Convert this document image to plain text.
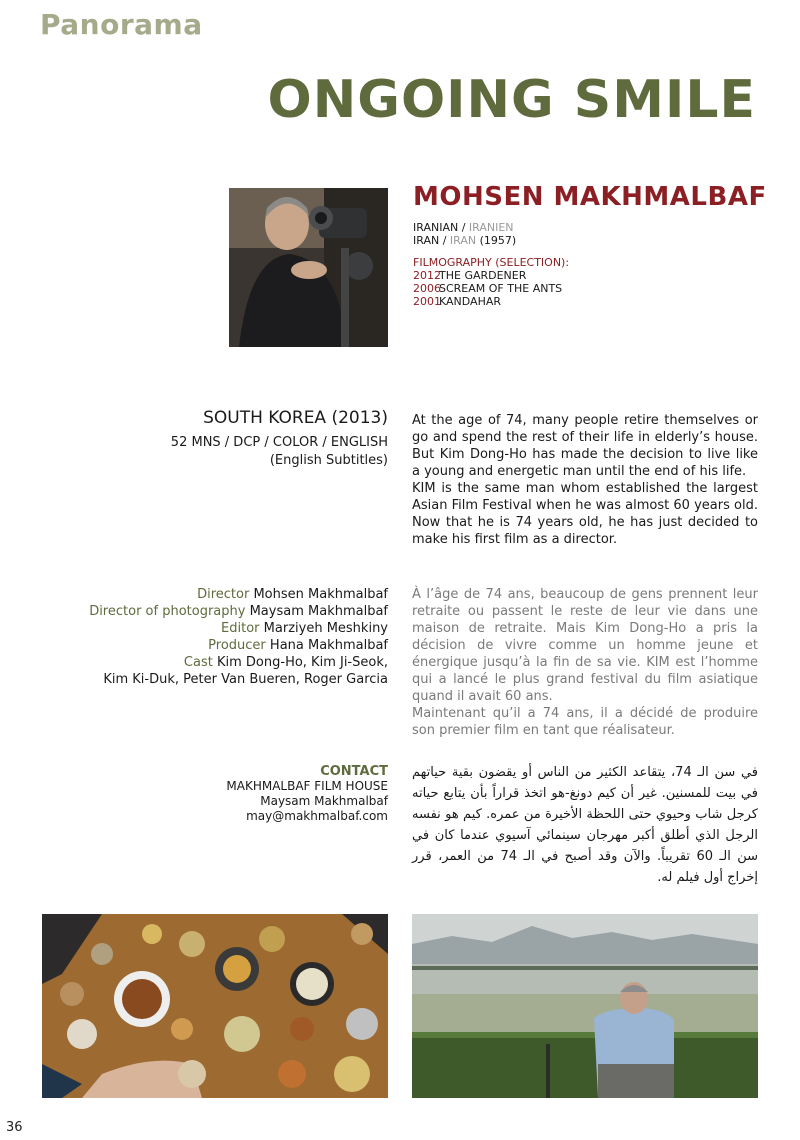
Panorama
ONGOING SMILE
MOHSEN MAKHMALBAF
IRANIAN / IRANIEN
IRAN / IRAN (1957)
FILMOGRAPHY (SELECTION):
2012THE GARDENER
2006SCREAM OF THE ANTS
2001KANDAHAR
SOUTH KOREA (2013)
52 MNS / DCP / COLOR / ENGLISH
(English Subtitles)

At the age of 74, many people retire themselves or go and spend the rest of their life in elderly’s house. But Kim Dong-Ho has made the decision to live like a young and energetic man until the end of his life.

KIM is the same man whom established the largest Asian Film Festival when he was almost 60 years old. Now that he is 74 years old, he has just decided to make his first film as a director.

Director Mohsen Makhmalbaf
Director of photography Maysam Makhmalbaf
Editor Marziyeh Meshkiny
Producer Hana Makhmalbaf
Cast Kim Dong-Ho, Kim Ji-Seok,
Kim Ki-Duk, Peter Van Bueren, Roger Garcia

À l’âge de 74 ans, beaucoup de gens prennent leur retraite ou passent le reste de leur vie dans une maison de retraite. Mais Kim Dong-Ho a pris la décision de vivre comme un homme jeune et énergique jusqu’à la fin de sa vie. KIM est l’homme qui a lancé le plus grand festival du film asiatique quand il avait 60 ans.

Maintenant qu’il a 74 ans, il a décidé de produire son premier film en tant que réalisateur.

CONTACT
MAKHMALBAF FILM HOUSE
Maysam Makhmalbaf
may@makhmalbaf.com
في سن الـ 74، يتقاعد الكثير من الناس أو يقضون بقية حياتهم في بيت للمسنين. غير أن كيم دونغ-هو اتخذ قراراً بأن يتابع حياته كرجل شاب وحيوي حتى اللحظة الأخيرة من عمره. كيم هو نفسه الرجل الذي أطلق أكبر مهرجان سينمائي آسيوي عندما كان في سن الـ 60 تقريباً. والآن وقد أصبح في الـ 74 من العمر، قرر إخراج أول فيلم له.
36
